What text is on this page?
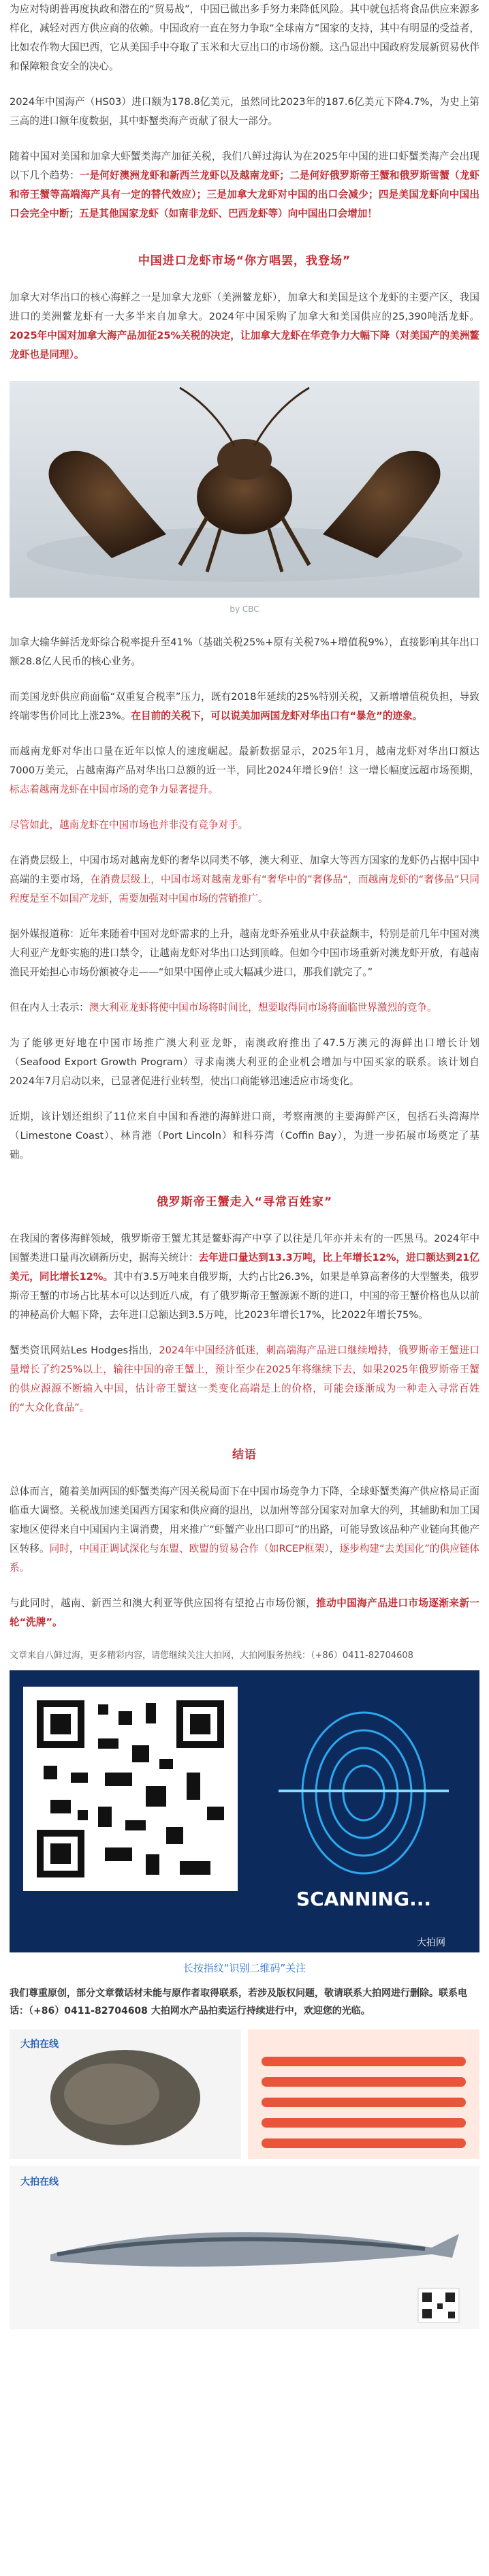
为应对特朗普再度执政和潜在的“贸易战”，中国已做出多手努力来降低风险。其中就包括将食品供应来源多样化，减轻对西方供应商的依赖。中国政府一直在努力争取“全球南方”国家的支持，其中有明显的受益者，比如农作物大国巴西，它从美国手中夺取了玉米和大豆出口的市场份额。这凸显出中国政府发展新贸易伙伴和保障粮食安全的决心。

2024年中国海产（HS03）进口额为178.8亿美元，虽然同比2023年的187.6亿美元下降4.7%，为史上第三高的进口额年度数据，其中虾蟹类海产贡献了很大一部分。

随着中国对美国和加拿大虾蟹类海产加征关税，我们八鲜过海认为在2025年中国的进口虾蟹类海产会出现以下几个趋势：一是何好澳洲龙虾和新西兰龙虾以及越南龙虾；二是何好俄罗斯帝王蟹和俄罗斯雪蟹（龙虾和帝王蟹等高端海产具有一定的替代效应）；三是加拿大龙虾对中国的出口会减少；四是美国龙虾向中国出口会完全中断；五是其他国家龙虾（如南非龙虾、巴西龙虾等）向中国出口会增加！

中国进口龙虾市场“你方唱罢，我登场”

加拿大对华出口的核心海鲜之一是加拿大龙虾（美洲鳌龙虾），加拿大和美国是这个龙虾的主要产区，我国进口的美洲鳌龙虾有一大多半来自加拿大。2024年中国采购了加拿大和美国供应的25,390吨活龙虾。2025年中国对加拿大海产品加征25%关税的决定，让加拿大龙虾在华竞争力大幅下降（对美国产的美洲鳌龙虾也是同理）。

by CBC

加拿大输华鲜活龙虾综合税率提升至41%（基础关税25%+原有关税7%+增值税9%），直接影响其年出口额28.8亿人民币的核心业务。

而美国龙虾供应商面临“双重复合税率”压力，既有2018年延续的25%特别关税，又新增增值税负担，导致终端零售价同比上涨23%。在目前的关税下，可以说美加两国龙虾对华出口有“暴危”的迹象。

而越南龙虾对华出口量在近年以惊人的速度崛起。最新数据显示，2025年1月，越南龙虾对华出口额达7000万美元，占越南海产品对华出口总额的近一半，同比2024年增长9倍！这一增长幅度远超市场预期，标志着越南龙虾在中国市场的竞争力显著提升。

尽管如此，越南龙虾在中国市场也并非没有竞争对手。

在消费层级上，中国市场对越南龙虾的奢华以同类不够，澳大利亚、加拿大等西方国家的龙虾仍占据中国中高端的主要市场，在消费层级上，中国市场对越南龙虾有“奢华中的”奢侈品“，而越南龙虾的“奢侈品”只同程度是至不如国产龙虾，需要加强对中国市场的营销推广。

据外媒报道称：近年来随着中国对龙虾需求的上升，越南龙虾养殖业从中获益颇丰，特别是前几年中国对澳大利亚产龙虾实施的进口禁令，让越南龙虾对华出口达到顶峰。但如今中国市场重新对澳龙虾开放，有越南渔民开始担心市场份额被夺走——“如果中国停止或大幅减少进口，那我们就完了。”

但在内人士表示：澳大利亚龙虾将使中国市场将时间比，想要取得同市场将面临世界激烈的竞争。

为了能够更好地在中国市场推广澳大利亚龙虾，南澳政府推出了47.5万澳元的海鲜出口增长计划（Seafood Export Growth Program）寻求南澳大利亚的企业机会增加与中国买家的联系。该计划自2024年7月启动以来，已显著促进行业转型，使出口商能够迅速适应市场变化。

近期，该计划还组织了11位来自中国和香港的海鲜进口商，考察南澳的主要海鲜产区，包括石头湾海岸（Limestone Coast）、林肯港（Port Lincoln）和科芬湾（Coffin Bay），为进一步拓展市场奠定了基础。

俄罗斯帝王蟹走入“寻常百姓家”

在我国的奢侈海鲜领域，俄罗斯帝王蟹尤其是鳌虾海产中享了以往是几年亦并未有的一匹黑马。2024年中国蟹类进口量再次刷新历史，据海关统计：去年进口量达到13.3万吨，比上年增长12%，进口额达到21亿美元，同比增长12%。其中有3.5万吨来自俄罗斯，大约占比26.3%，如果是单算高奢侈的大型蟹类，俄罗斯帝王蟹的市场占比基本可以达到近八成，有了俄罗斯帝王蟹源源不断的进口，中国的帝王蟹价格也从以前的神秘高价大幅下降，去年进口总额达到3.5万吨，比2023年增长17%，比2022年增长75%。

蟹类资讯网站Les Hodges指出，2024年中国经济低迷，刺高端海产品进口继续增持，俄罗斯帝王蟹进口量增长了约25%以上，输往中国的帝王蟹上，预计至少在2025年将继续下去，如果2025年俄罗斯帝王蟹的供应源源不断输入中国，估计帝王蟹这一类变化高端是上的价格，可能会逐渐成为一种走入寻常百姓的“大众化食品”。

结语

总体而言，随着美加两国的虾蟹类海产因关税局面下在中国市场竞争力下降，全球虾蟹类海产供应格局正面临重大调整。关税战加速美国西方国家和供应商的退出，以加州等部分国家对加拿大的列，其辅助和加工国家地区使得来自中国国内主调消费，用来推广“虾蟹产业出口即可”的出路，可能导致该品种产业链向其他产区转移。同时，中国正调试深化与东盟、欧盟的贸易合作（如RCEP框架），逐步构建“去美国化”的供应链体系。

与此同时，越南、新西兰和澳大利亚等供应国将有望抢占市场份额，推动中国海产品进口市场逐渐来新一轮“洗牌”。

文章来自八鲜过海，更多精彩内容，请您继续关注大拍网，大拍网服务热线：（+86）0411-82704608

SCANNING...
大拍网
长按指纹“识别二维码”关注

我们尊重原创，部分文章微话材未能与原作者取得联系，若涉及版权问题，敬请联系大拍网进行删除。联系电话：（+86）0411-82704608 大拍网水产品拍卖运行持续进行中，欢迎您的光临。

大拍在线
大拍在线
